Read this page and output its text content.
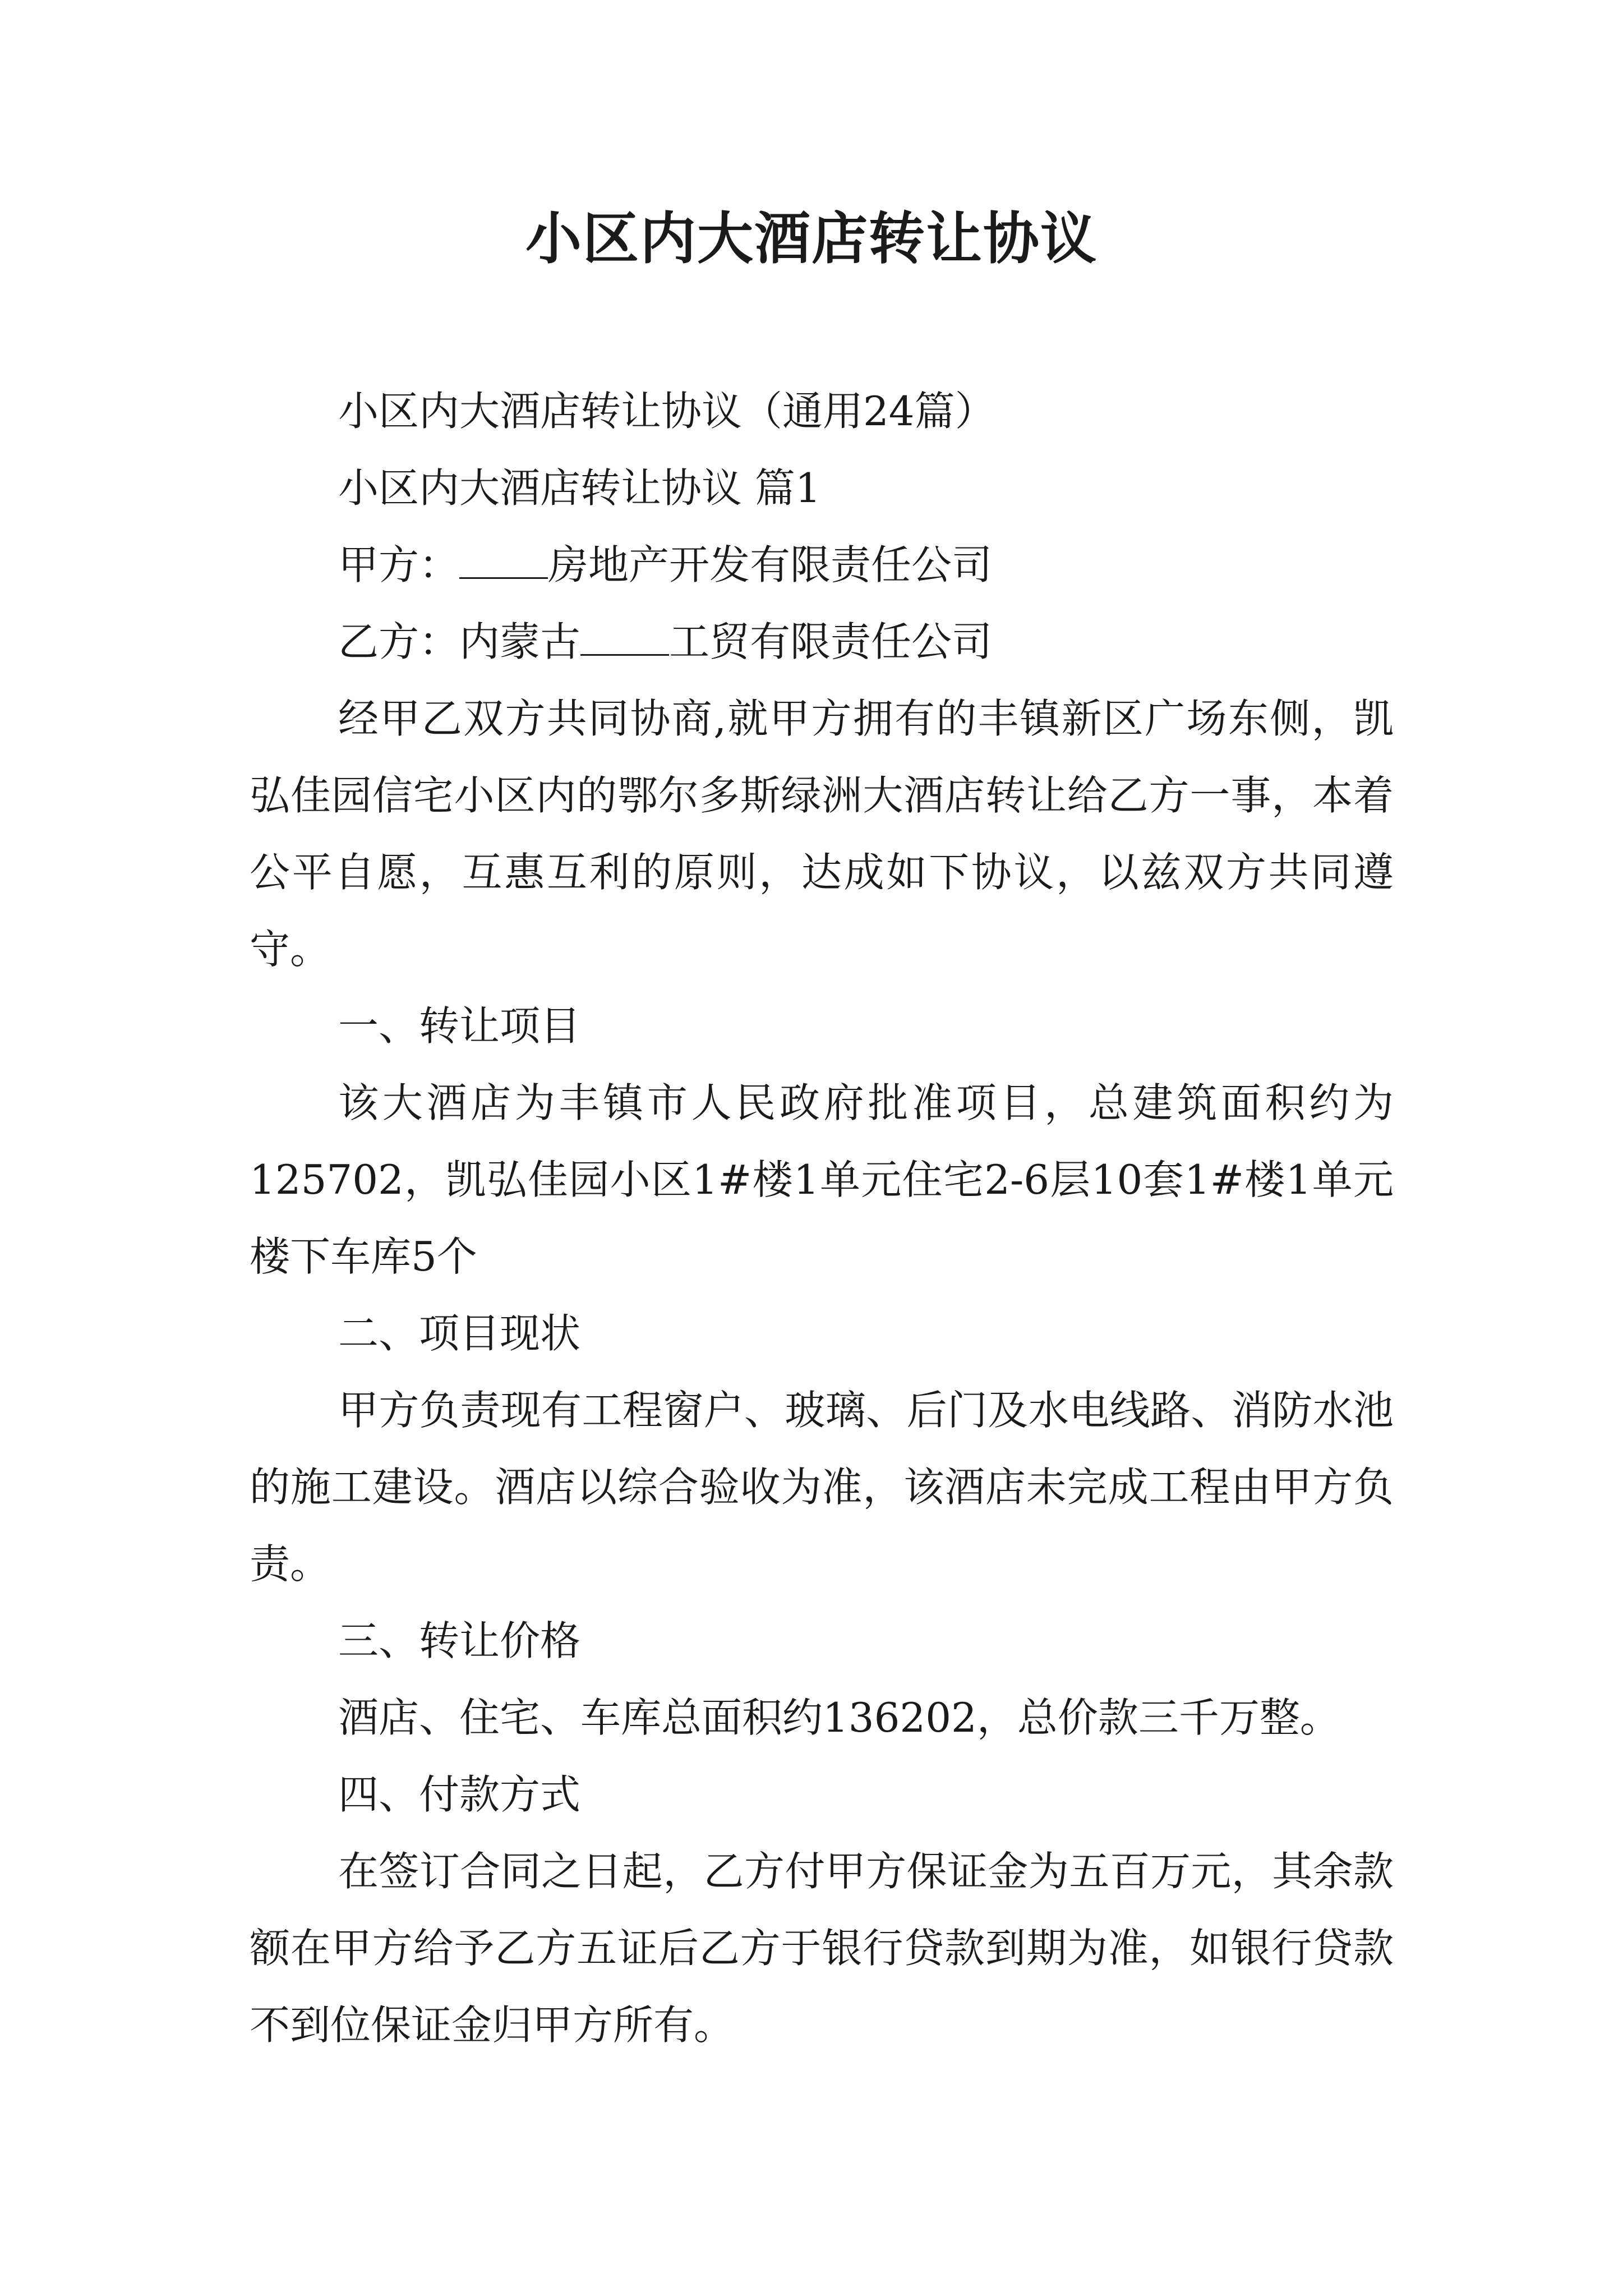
小区内大酒店转让协议

小区内大酒店转让协议（通用24篇）

小区内大酒店转让协议 篇1

甲方： 房地产开发有限责任公司

乙方：内蒙古 工贸有限责任公司

经甲乙双方共同协商,就甲方拥有的丰镇新区广场东侧，凯弘佳园信宅小区内的鄂尔多斯绿洲大酒店转让给乙方一事，本着公平自愿，互惠互利的原则，达成如下协议，以兹双方共同遵守。

一、转让项目

该大酒店为丰镇市人民政府批准项目，总建筑面积约为125702，凯弘佳园小区1#楼1单元住宅2-6层10套1#楼1单元楼下车库5个

二、项目现状

甲方负责现有工程窗户、玻璃、后门及水电线路、消防水池的施工建设。酒店以综合验收为准，该酒店未完成工程由甲方负责。

三、转让价格

酒店、住宅、车库总面积约136202，总价款三千万整。

四、付款方式

在签订合同之日起，乙方付甲方保证金为五百万元，其余款额在甲方给予乙方五证后乙方于银行贷款到期为准，如银行贷款不到位保证金归甲方所有。
